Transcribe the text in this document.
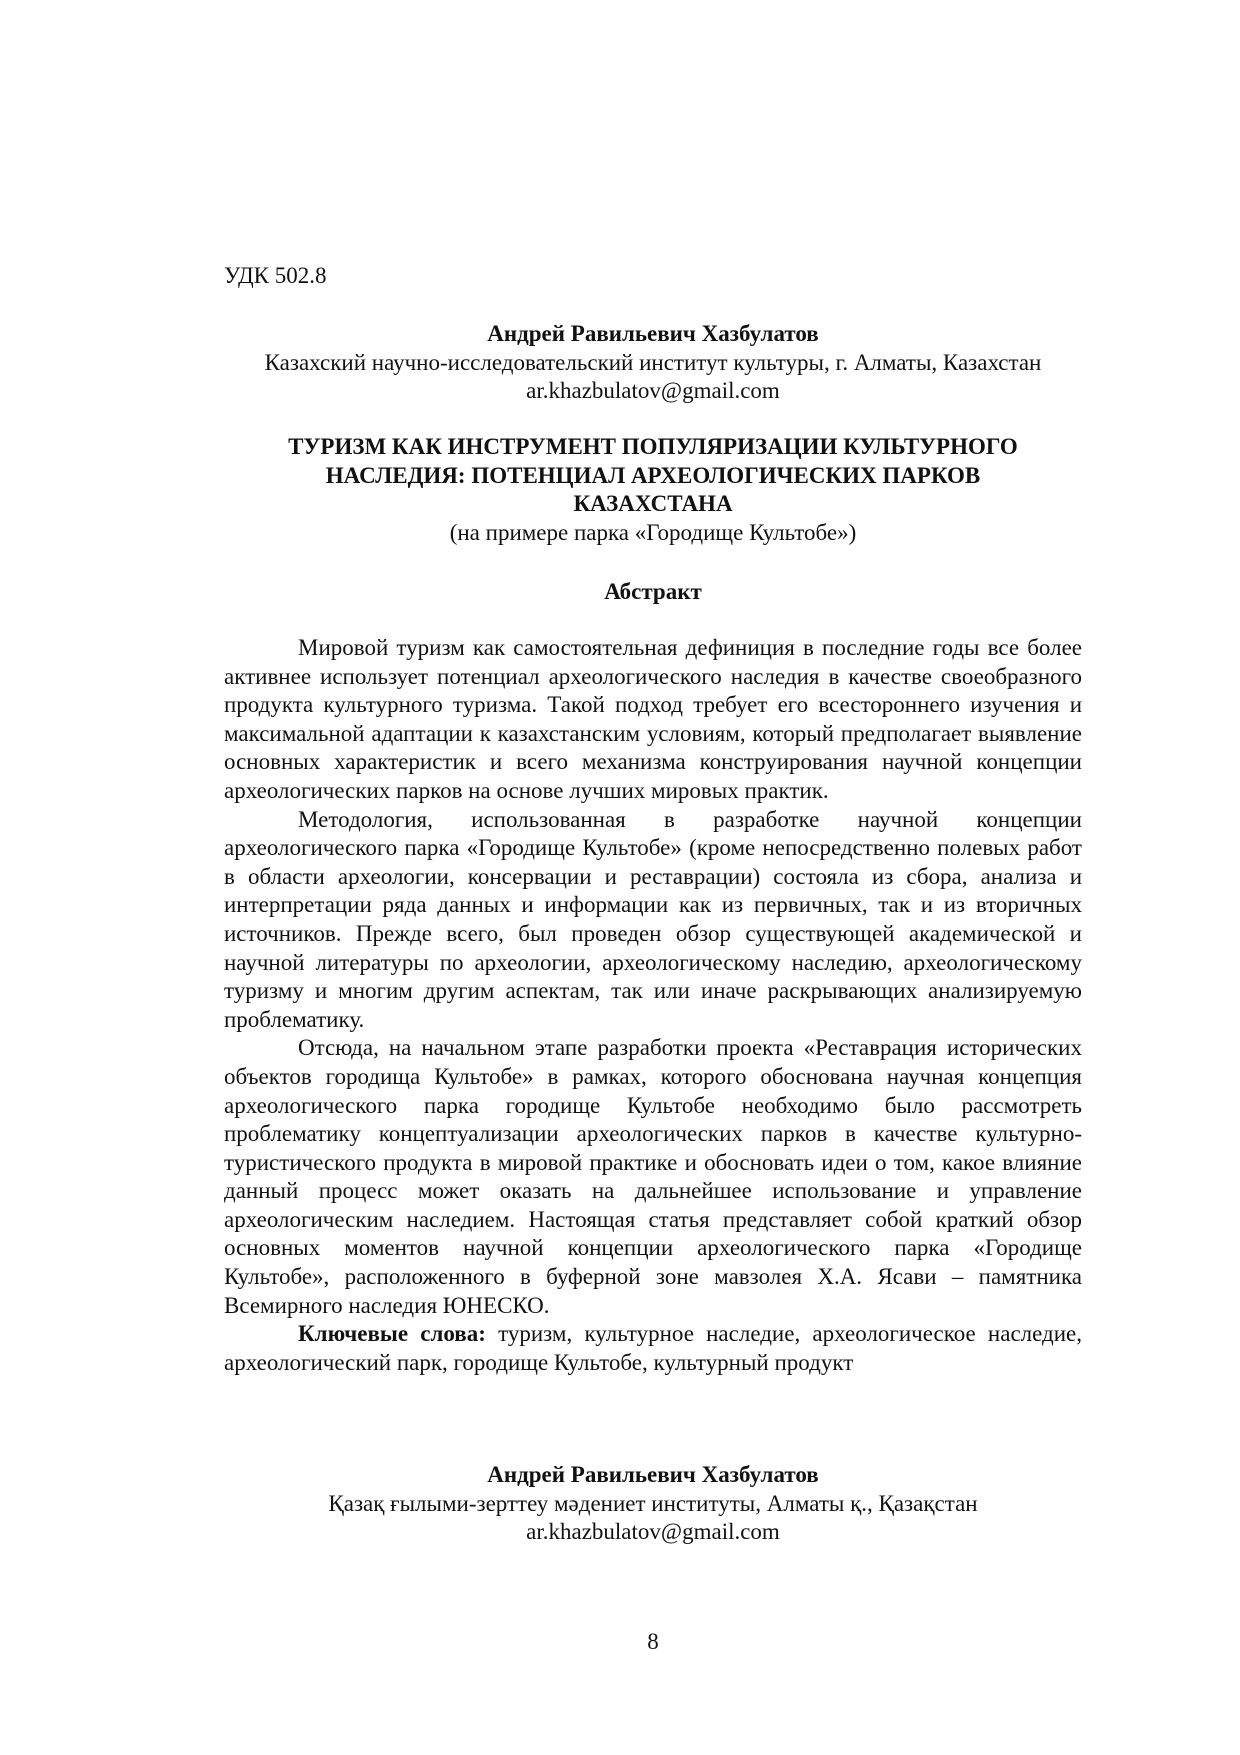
УДК 502.8
Андрей Равильевич Хазбулатов
Казахский научно-исследовательский институт культуры, г. Алматы, Казахстан
ar.khazbulatov@gmail.com
ТУРИЗМ КАК ИНСТРУМЕНТ ПОПУЛЯРИЗАЦИИ КУЛЬТУРНОГО
НАСЛЕДИЯ: ПОТЕНЦИАЛ АРХЕОЛОГИЧЕСКИХ ПАРКОВ
КАЗАХСТАНА
(на примере парка «Городище Культобе»)
Абстракт

Мировой туризм как самостоятельная дефиниция в последние годы все более активнее использует потенциал археологического наследия в качестве своеобразного продукта культурного туризма. Такой подход требует его всестороннего изучения и максимальной адаптации к казахстанским условиям, который предполагает выявление основных характеристик и всего механизма конструирования научной концепции археологических парков на основе лучших мировых практик.

Методология, использованная в разработке научной концепции археологического парка «Городище Культобе» (кроме непосредственно полевых работ в области археологии, консервации и реставрации) состояла из сбора, анализа и интерпретации ряда данных и информации как из первичных, так и из вторичных источников. Прежде всего, был проведен обзор существующей академической и научной литературы по археологии, археологическому наследию, археологическому туризму и многим другим аспектам, так или иначе раскрывающих анализируемую проблематику.

Отсюда, на начальном этапе разработки проекта «Реставрация исторических объектов городища Культобе» в рамках, которого обоснована научная концепция археологического парка городище Культобе необходимо было рассмотреть проблематику концептуализации археологических парков в качестве культурно-туристического продукта в мировой практике и обосновать идеи о том, какое влияние данный процесс может оказать на дальнейшее использование и управление археологическим наследием. Настоящая статья представляет собой краткий обзор основных моментов научной концепции археологического парка «Городище Культобе», расположенного в буферной зоне мавзолея Х.А. Ясави – памятника Всемирного наследия ЮНЕСКО.

Ключевые слова: туризм, культурное наследие, археологическое наследие, археологический парк, городище Культобе, культурный продукт

Андрей Равильевич Хазбулатов
Қазақ ғылыми-зерттеу мәдениет институты, Алматы қ., Қазақстан
ar.khazbulatov@gmail.com
8
